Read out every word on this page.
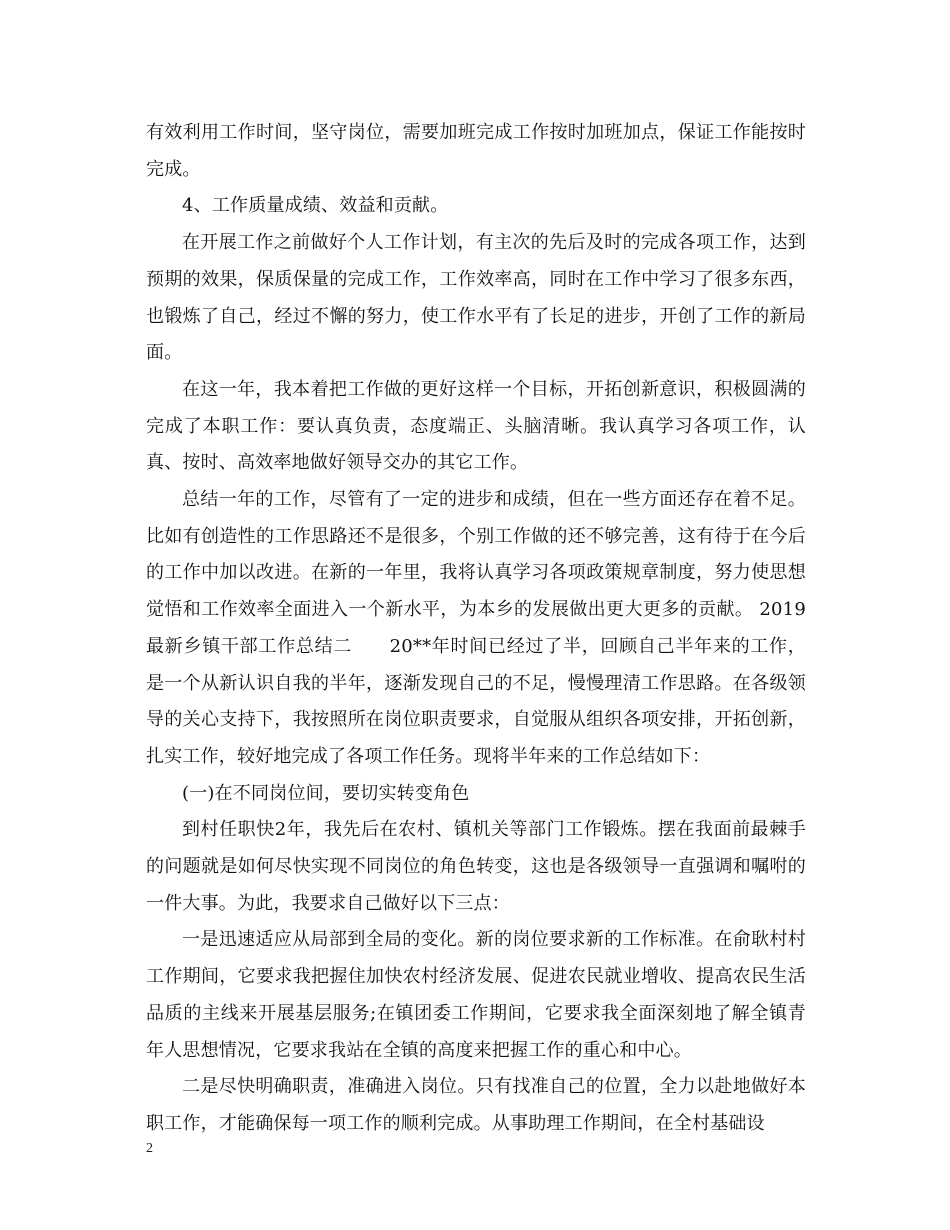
有效利用工作时间，坚守岗位，需要加班完成工作按时加班加点，保证工作能按时完成。

4、工作质量成绩、效益和贡献。

在开展工作之前做好个人工作计划，有主次的先后及时的完成各项工作，达到预期的效果，保质保量的完成工作，工作效率高，同时在工作中学习了很多东西，也锻炼了自己，经过不懈的努力，使工作水平有了长足的进步，开创了工作的新局面。

在这一年，我本着把工作做的更好这样一个目标，开拓创新意识，积极圆满的完成了本职工作：要认真负责，态度端正、头脑清晰。我认真学习各项工作，认真、按时、高效率地做好领导交办的其它工作。

总结一年的工作，尽管有了一定的进步和成绩，但在一些方面还存在着不足。比如有创造性的工作思路还不是很多，个别工作做的还不够完善，这有待于在今后的工作中加以改进。在新的一年里，我将认真学习各项政策规章制度，努力使思想觉悟和工作效率全面进入一个新水平，为本乡的发展做出更大更多的贡献。 2019最新乡镇干部工作总结二　　20**年时间已经过了半，回顾自己半年来的工作，是一个从新认识自我的半年，逐渐发现自己的不足，慢慢理清工作思路。在各级领导的关心支持下，我按照所在岗位职责要求，自觉服从组织各项安排，开拓创新，扎实工作，较好地完成了各项工作任务。现将半年来的工作总结如下：

(一)在不同岗位间，要切实转变角色

到村任职快2年，我先后在农村、镇机关等部门工作锻炼。摆在我面前最棘手的问题就是如何尽快实现不同岗位的角色转变，这也是各级领导一直强调和嘱咐的一件大事。为此，我要求自己做好以下三点：

一是迅速适应从局部到全局的变化。新的岗位要求新的工作标准。在俞耿村村工作期间，它要求我把握住加快农村经济发展、促进农民就业增收、提高农民生活品质的主线来开展基层服务;在镇团委工作期间，它要求我全面深刻地了解全镇青年人思想情况，它要求我站在全镇的高度来把握工作的重心和中心。

二是尽快明确职责，准确进入岗位。只有找准自己的位置，全力以赴地做好本职工作，才能确保每一项工作的顺利完成。从事助理工作期间，在全村基础设

2
